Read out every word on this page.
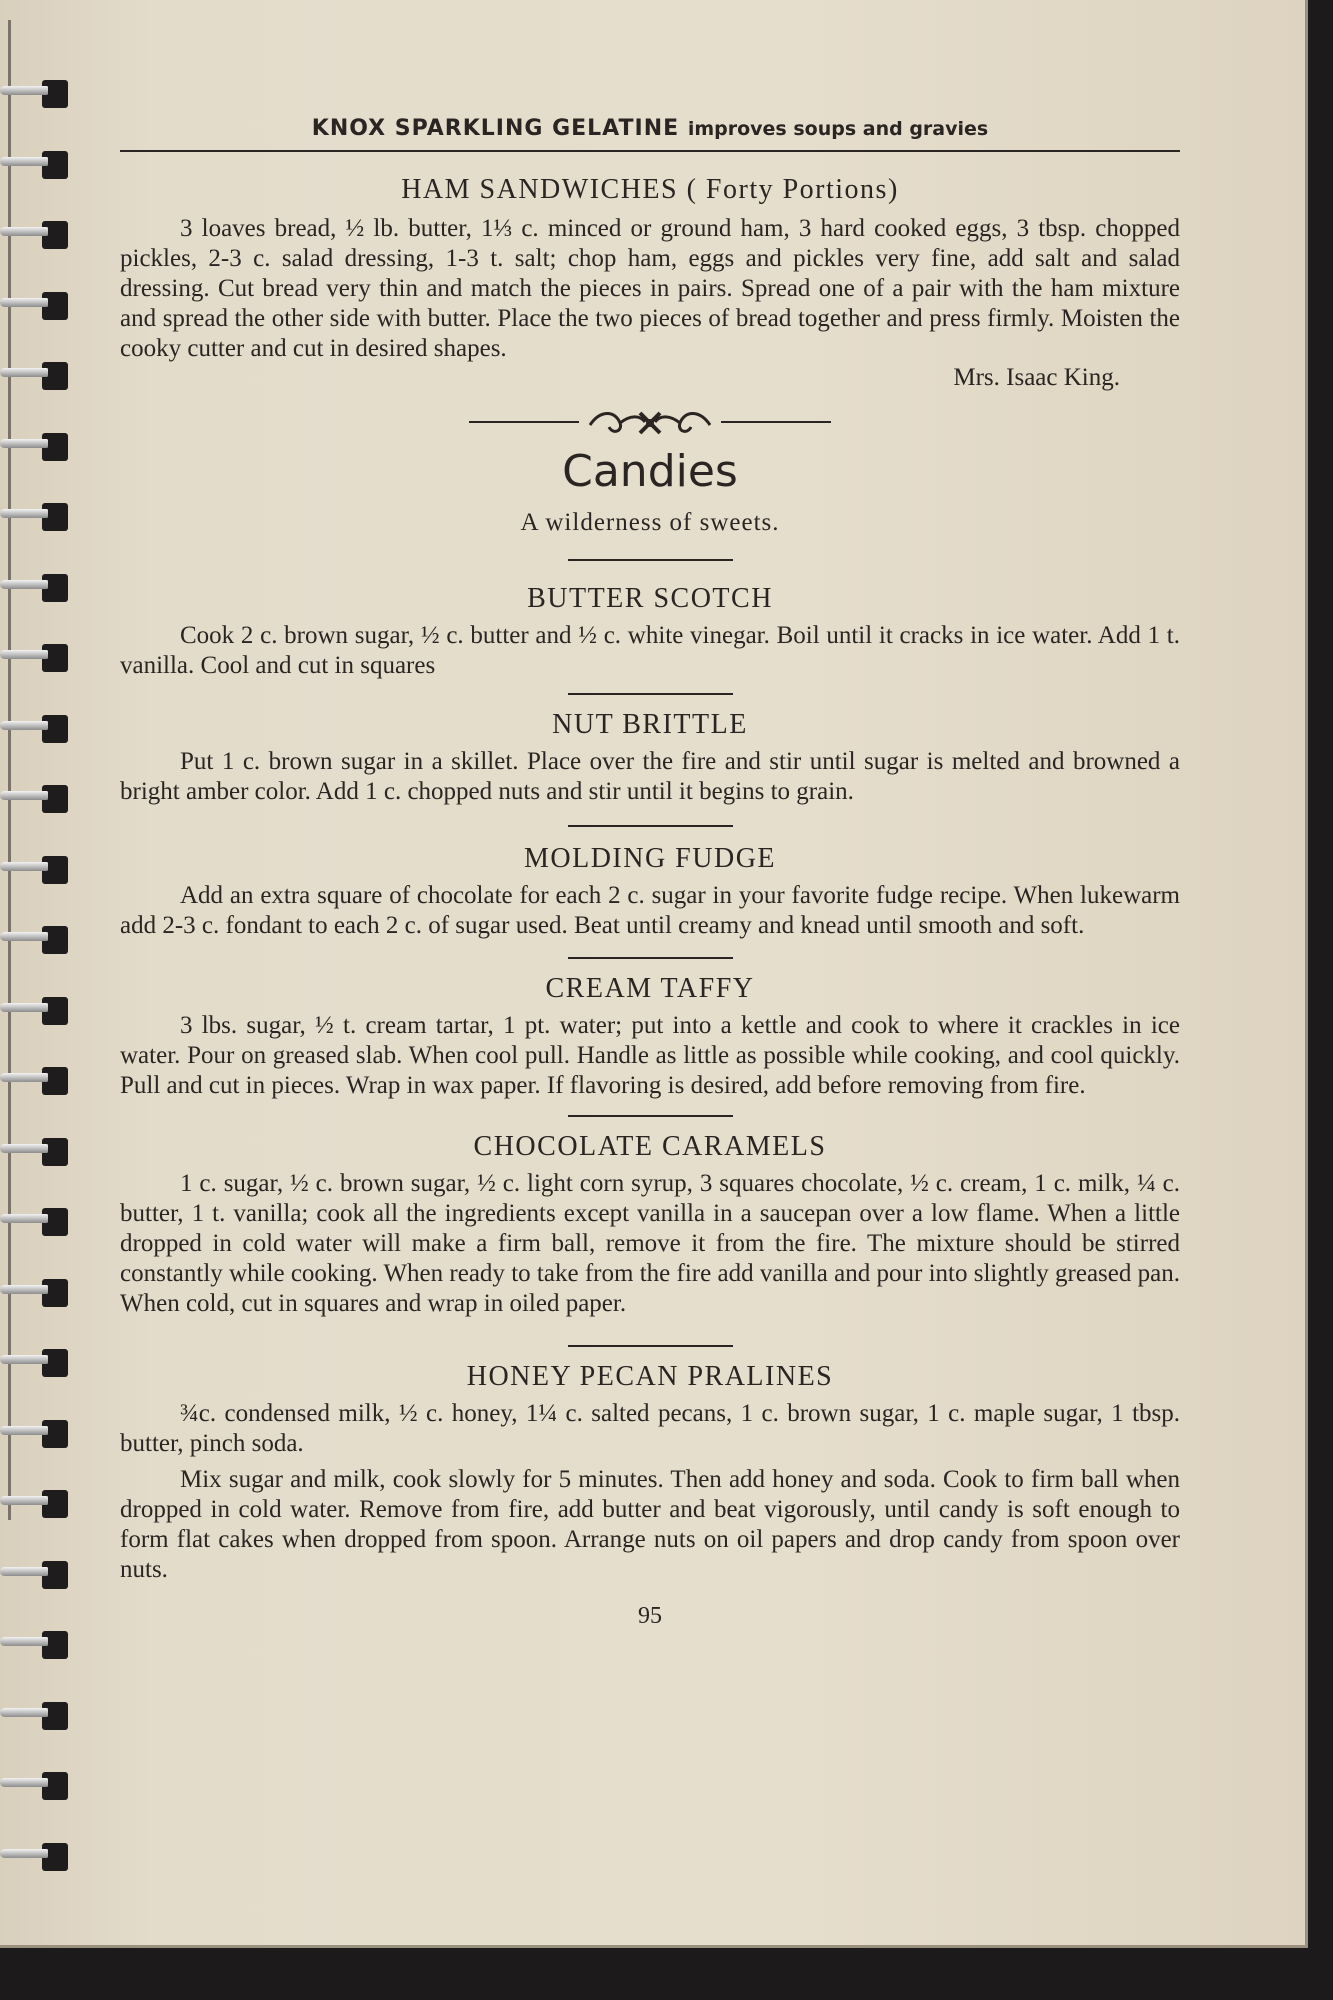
KNOX SPARKLING GELATINE improves soups and gravies
HAM SANDWICHES ( Forty Portions)

3 loaves bread, ½ lb. butter, 1⅓ c. minced or ground ham, 3 hard cooked eggs, 3 tbsp. chopped pickles, 2-3 c. salad dressing, 1-3 t. salt; chop ham, eggs and pickles very fine, add salt and salad dressing. Cut bread very thin and match the pieces in pairs. Spread one of a pair with the ham mixture and spread the other side with butter. Place the two pieces of bread together and press firmly. Moisten the cooky cutter and cut in desired shapes.

Mrs. Isaac King.

Candies

A wilderness of sweets.

BUTTER SCOTCH

Cook 2 c. brown sugar, ½ c. butter and ½ c. white vinegar. Boil until it cracks in ice water. Add 1 t. vanilla. Cool and cut in squares

NUT BRITTLE

Put 1 c. brown sugar in a skillet. Place over the fire and stir until sugar is melted and browned a bright amber color. Add 1 c. chopped nuts and stir until it begins to grain.

MOLDING FUDGE

Add an extra square of chocolate for each 2 c. sugar in your favorite fudge recipe. When lukewarm add 2-3 c. fondant to each 2 c. of sugar used. Beat until creamy and knead until smooth and soft.

CREAM TAFFY

3 lbs. sugar, ½ t. cream tartar, 1 pt. water; put into a kettle and cook to where it crackles in ice water. Pour on greased slab. When cool pull. Handle as little as possible while cooking, and cool quickly. Pull and cut in pieces. Wrap in wax paper. If flavoring is desired, add before removing from fire.

CHOCOLATE CARAMELS

1 c. sugar, ½ c. brown sugar, ½ c. light corn syrup, 3 squares chocolate, ½ c. cream, 1 c. milk, ¼ c. butter, 1 t. vanilla; cook all the ingredients except vanilla in a saucepan over a low flame. When a little dropped in cold water will make a firm ball, remove it from the fire. The mixture should be stirred constantly while cooking. When ready to take from the fire add vanilla and pour into slightly greased pan. When cold, cut in squares and wrap in oiled paper.

HONEY PECAN PRALINES

¾c. condensed milk, ½ c. honey, 1¼ c. salted pecans, 1 c. brown sugar, 1 c. maple sugar, 1 tbsp. butter, pinch soda.

Mix sugar and milk, cook slowly for 5 minutes. Then add honey and soda. Cook to firm ball when dropped in cold water. Remove from fire, add butter and beat vigorously, until candy is soft enough to form flat cakes when dropped from spoon. Arrange nuts on oil papers and drop candy from spoon over nuts.

95
